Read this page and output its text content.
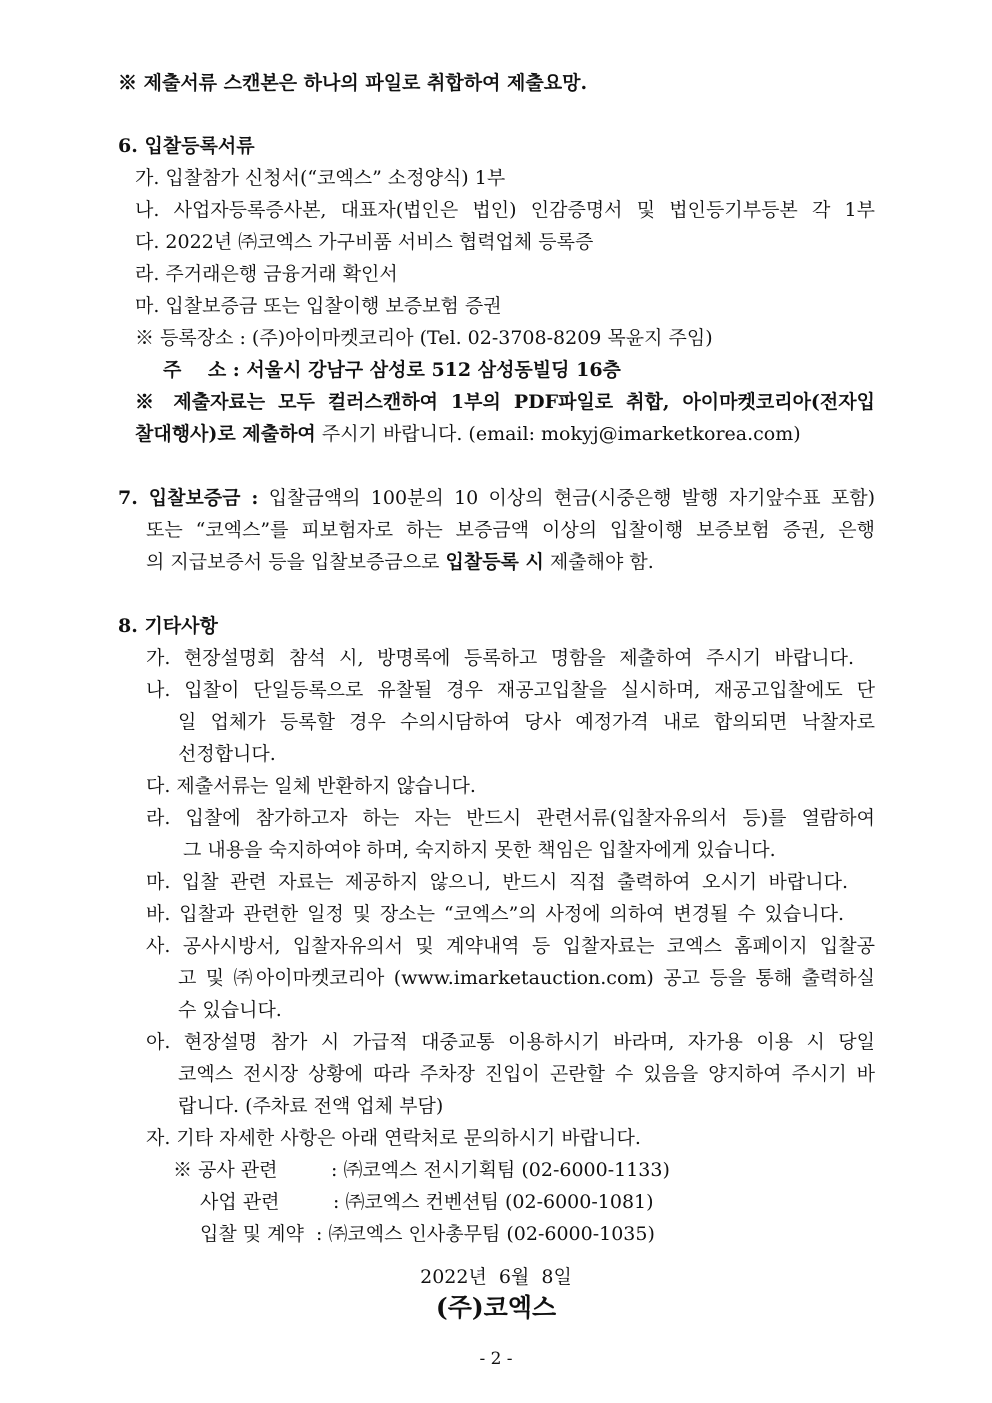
※ 제출서류 스캔본은 하나의 파일로 취합하여 제출요망.
6. 입찰등록서류
가. 입찰참가 신청서(“코엑스” 소정양식) 1부
나. 사업자등록증사본, 대표자(법인은 법인) 인감증명서 및 법인등기부등본 각 1부
다. 2022년 ㈜코엑스 가구비품 서비스 협력업체 등록증
라. 주거래은행 금융거래 확인서
마. 입찰보증금 또는 입찰이행 보증보험 증권
※ 등록장소 : (주)아이마켓코리아 (Tel. 02-3708-8209 목윤지 주임)
주    소 : 서울시 강남구 삼성로 512 삼성동빌딩 16층
※ 제출자료는 모두 컬러스캔하여 1부의 PDF파일로 취합, 아이마켓코리아(전자입
찰대행사)로 제출하여 주시기 바랍니다. (email: mokyj@imarketkorea.com)
7. 입찰보증금 : 입찰금액의 100분의 10 이상의 현금(시중은행 발행 자기앞수표 포함)
또는 “코엑스”를 피보험자로 하는 보증금액 이상의 입찰이행 보증보험 증권, 은행
의 지급보증서 등을 입찰보증금으로 입찰등록 시 제출해야 함.
8. 기타사항
가. 현장설명회 참석 시, 방명록에 등록하고 명함을 제출하여 주시기 바랍니다.
나. 입찰이 단일등록으로 유찰될 경우 재공고입찰을 실시하며, 재공고입찰에도 단
일 업체가 등록할 경우 수의시담하여 당사 예정가격 내로 합의되면 낙찰자로
선정합니다.
다. 제출서류는 일체 반환하지 않습니다.
라. 입찰에 참가하고자 하는 자는 반드시 관련서류(입찰자유의서 등)를 열람하여
그 내용을 숙지하여야 하며, 숙지하지 못한 책임은 입찰자에게 있습니다.
마. 입찰 관련 자료는 제공하지 않으니, 반드시 직접 출력하여 오시기 바랍니다.
바. 입찰과 관련한 일정 및 장소는 “코엑스”의 사정에 의하여 변경될 수 있습니다.
사. 공사시방서, 입찰자유의서 및 계약내역 등 입찰자료는 코엑스 홈페이지 입찰공
고 및 ㈜아이마켓코리아 (www.imarketauction.com) 공고 등을 통해 출력하실
수 있습니다.
아. 현장설명 참가 시 가급적 대중교통 이용하시기 바라며, 자가용 이용 시 당일
코엑스 전시장 상황에 따라 주차장 진입이 곤란할 수 있음을 양지하여 주시기 바
랍니다. (주차료 전액 업체 부담)
자. 기타 자세한 사항은 아래 연락처로 문의하시기 바랍니다.
※ 공사 관련	: ㈜코엑스 전시기획팀 (02-6000-1133)
사업 관련	: ㈜코엑스 컨벤션팀 (02-6000-1081)
입찰 및 계약 : ㈜코엑스 인사총무팀 (02-6000-1035)
2022년  6월  8일
(주)코엑스
- 2 -
